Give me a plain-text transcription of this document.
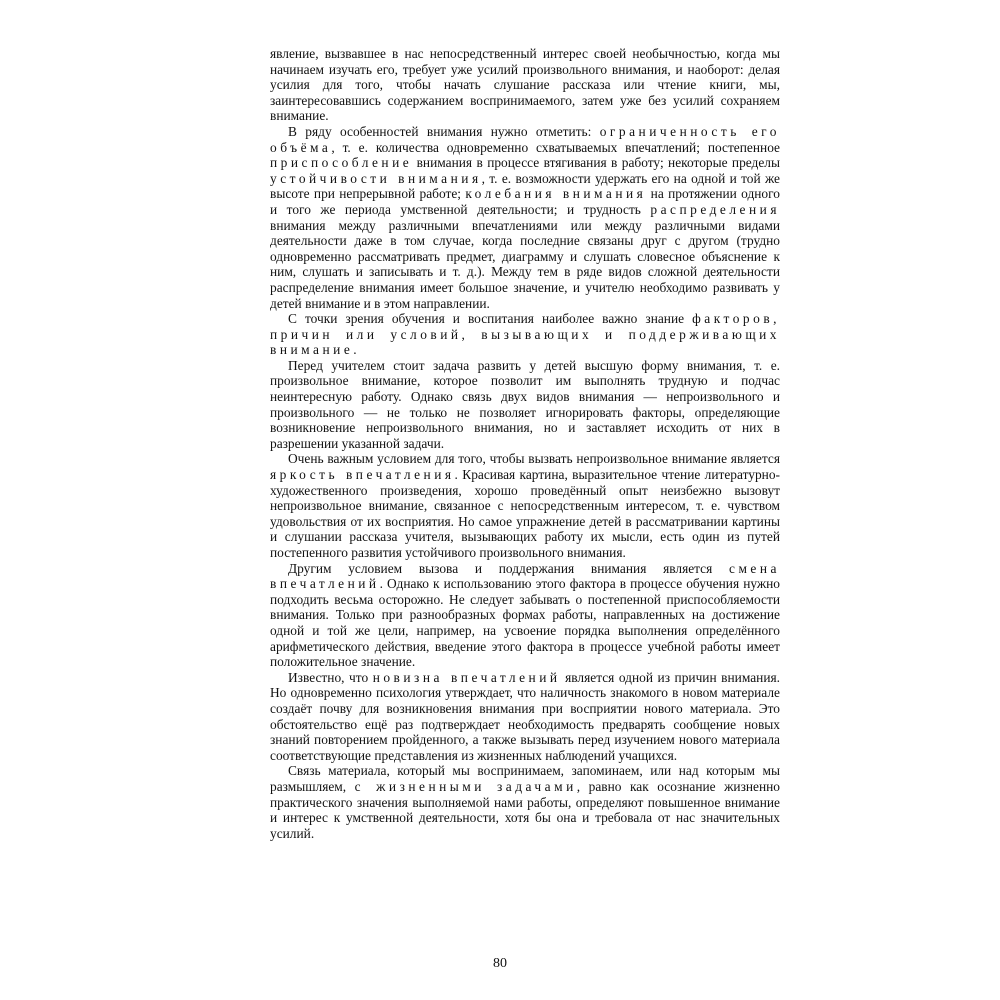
явление, вызвавшее в нас непосредственный интерес своей необычностью, когда мы начинаем изучать его, требует уже усилий произвольного внимания, и наоборот: делая усилия для того, чтобы начать слушание рассказа или чтение книги, мы, заинтересовавшись содержанием воспринимаемого, затем уже без усилий сохраняем внимание.

В ряду особенностей внимания нужно отметить: ограниченность его объёма, т. е. количества одновременно схватываемых впечатлений; постепенное приспособление внимания в процессе втягивания в работу; некоторые пределы устойчивости внимания, т. е. возможности удержать его на одной и той же высоте при непрерывной работе; колебания внимания на протяжении одного и того же периода умственной деятельности; и трудность распределения внимания между различными впечатлениями или между различными видами деятельности даже в том случае, когда последние связаны друг с другом (трудно одновременно рассматривать предмет, диаграмму и слушать словесное объяснение к ним, слушать и записывать и т. д.). Между тем в ряде видов сложной деятельности распределение внимания имеет большое значение, и учителю необходимо развивать у детей внимание и в этом направлении.

С точки зрения обучения и воспитания наиболее важно знание факторов, причин или условий, вызывающих и поддерживающих внимание.

Перед учителем стоит задача развить у детей высшую форму внимания, т. е. произвольное внимание, которое позволит им выполнять трудную и подчас неинтересную работу. Однако связь двух видов внимания — непроизвольного и произвольного — не только не позволяет игнорировать факторы, определяющие возникновение непроизвольного внимания, но и заставляет исходить от них в разрешении указанной задачи.

Очень важным условием для того, чтобы вызвать непроизвольное внимание является яркость впечатления. Красивая картина, выразительное чтение литературно-художественного произведения, хорошо проведённый опыт неизбежно вызовут непроизвольное внимание, связанное с непосредственным интересом, т. е. чувством удовольствия от их восприятия. Но самое упражнение детей в рассматривании картины и слушании рассказа учителя, вызывающих работу их мысли, есть один из путей постепенного развития устойчивого произвольного внимания.

Другим условием вызова и поддержания внимания является смена впечатлений. Однако к использованию этого фактора в процессе обучения нужно подходить весьма осторожно. Не следует забывать о постепенной приспособляемости внимания. Только при разнообразных формах работы, направленных на достижение одной и той же цели, например, на усвоение порядка выполнения определённого арифметического действия, введение этого фактора в процессе учебной работы имеет положительное значение.

Известно, что новизна впечатлений является одной из причин внимания. Но одновременно психология утверждает, что наличность знакомого в новом материале создаёт почву для возникновения внимания при восприятии нового материала. Это обстоятельство ещё раз подтверждает необходимость предварять сообщение новых знаний повторением пройденного, а также вызывать перед изучением нового материала соответствующие представления из жизненных наблюдений учащихся.

Связь материала, который мы воспринимаем, запоминаем, или над которым мы размышляем, с жизненными задачами, равно как осознание жизненно практического значения выполняемой нами работы, определяют повышенное внимание и интерес к умственной деятельности, хотя бы она и требовала от нас значительных усилий.

80
